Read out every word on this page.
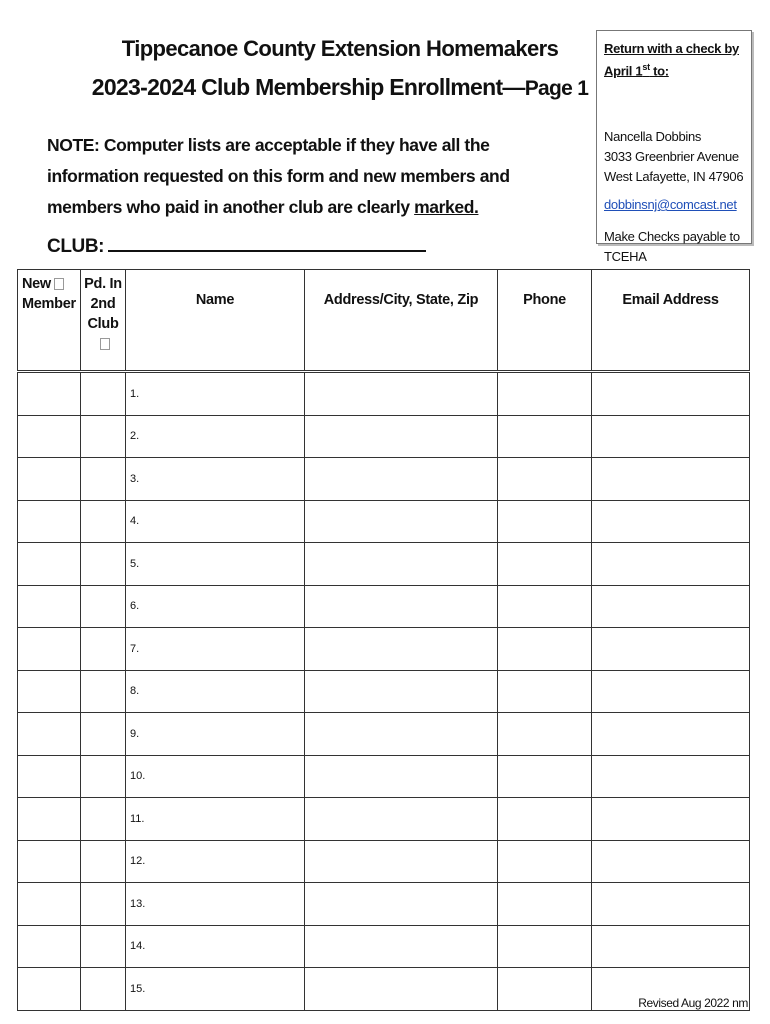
Tippecanoe County Extension Homemakers
2023-2024 Club Membership Enrollment—Page 1
NOTE: Computer lists are acceptable if they have all the information requested on this form and new members and members who paid in another club are clearly marked.
CLUB:
Return with a check by
April 1st to:
Nancella Dobbins
3033 Greenbrier Avenue
West Lafayette, IN 47906
dobbinsnj@comcast.net
Make Checks payable to TCEHA
New
Member	Pd. In
2nd
Club	Name	Address/City, State, Zip	Phone	Email Address
		1.			
		2.			
		3.			
		4.			
		5.			
		6.			
		7.			
		8.			
		9.			
		10.			
		11.			
		12.			
		13.			
		14.			
		15.			
Revised Aug 2022 nm
